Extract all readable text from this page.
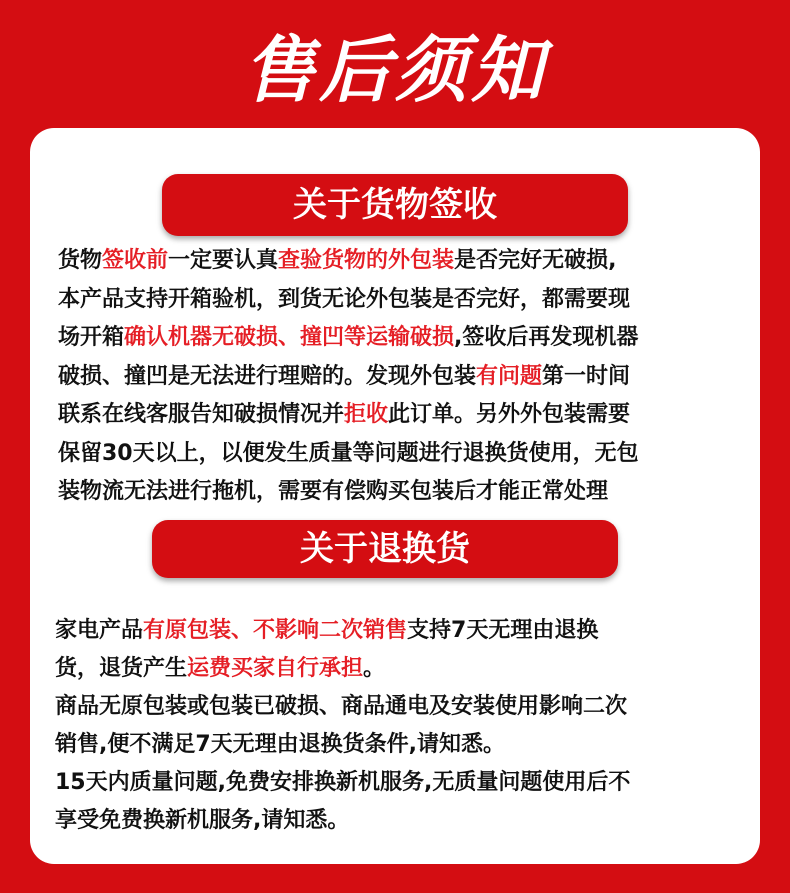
售后须知
关于货物签收
货物签收前一定要认真查验货物的外包装是否完好无破损,
本产品支持开箱验机，到货无论外包装是否完好，都需要现
场开箱确认机器无破损、撞凹等运输破损,签收后再发现机器
破损、撞凹是无法进行理赔的。发现外包装有问题第一时间
联系在线客服告知破损情况并拒收此订单。另外外包装需要
保留30天以上，以便发生质量等问题进行退换货使用，无包
装物流无法进行拖机，需要有偿购买包装后才能正常处理
关于退换货
家电产品有原包装、不影响二次销售支持7天无理由退换
货，退货产生运费买家自行承担。
商品无原包装或包装已破损、商品通电及安装使用影响二次
销售,便不满足7天无理由退换货条件,请知悉。
15天内质量问题,免费安排换新机服务,无质量问题使用后不
享受免费换新机服务,请知悉。
